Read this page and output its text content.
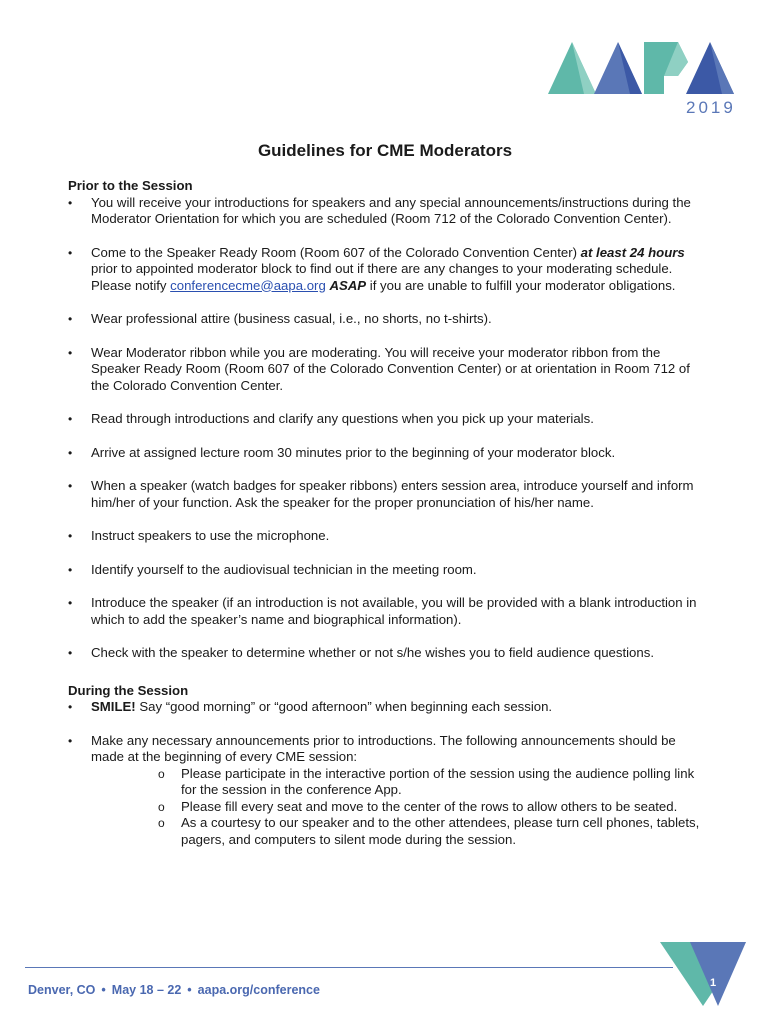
2019
Guidelines for CME Moderators

Prior to the Session

• You will receive your introductions for speakers and any special announcements/instructions during the Moderator Orientation for which you are scheduled (Room 712 of the Colorado Convention Center).
• Come to the Speaker Ready Room (Room 607 of the Colorado Convention Center) at least 24 hours prior to appointed moderator block to find out if there are any changes to your moderating schedule. Please notify conferencecme@aapa.org ASAP if you are unable to fulfill your moderator obligations.
• Wear professional attire (business casual, i.e., no shorts, no t-shirts).
• Wear Moderator ribbon while you are moderating. You will receive your moderator ribbon from the Speaker Ready Room (Room 607 of the Colorado Convention Center) or at orientation in Room 712 of the Colorado Convention Center.
• Read through introductions and clarify any questions when you pick up your materials.
• Arrive at assigned lecture room 30 minutes prior to the beginning of your moderator block.
• When a speaker (watch badges for speaker ribbons) enters session area, introduce yourself and inform him/her of your function. Ask the speaker for the proper pronunciation of his/her name.
• Instruct speakers to use the microphone.
• Identify yourself to the audiovisual technician in the meeting room.
• Introduce the speaker (if an introduction is not available, you will be provided with a blank introduction in which to add the speaker’s name and biographical information).
• Check with the speaker to determine whether or not s/he wishes you to field audience questions.

During the Session

• SMILE! Say “good morning” or “good afternoon” when beginning each session.
• Make any necessary announcements prior to introductions. The following announcements should be made at the beginning of every CME session:
o Please participate in the interactive portion of the session using the audience polling link for the session in the conference App.
o Please fill every seat and move to the center of the rows to allow others to be seated.
o As a courtesy to our speaker and to the other attendees, please turn cell phones, tablets, pagers, and computers to silent mode during the session.
Denver, CO • May 18 – 22 • aapa.org/conference	1
